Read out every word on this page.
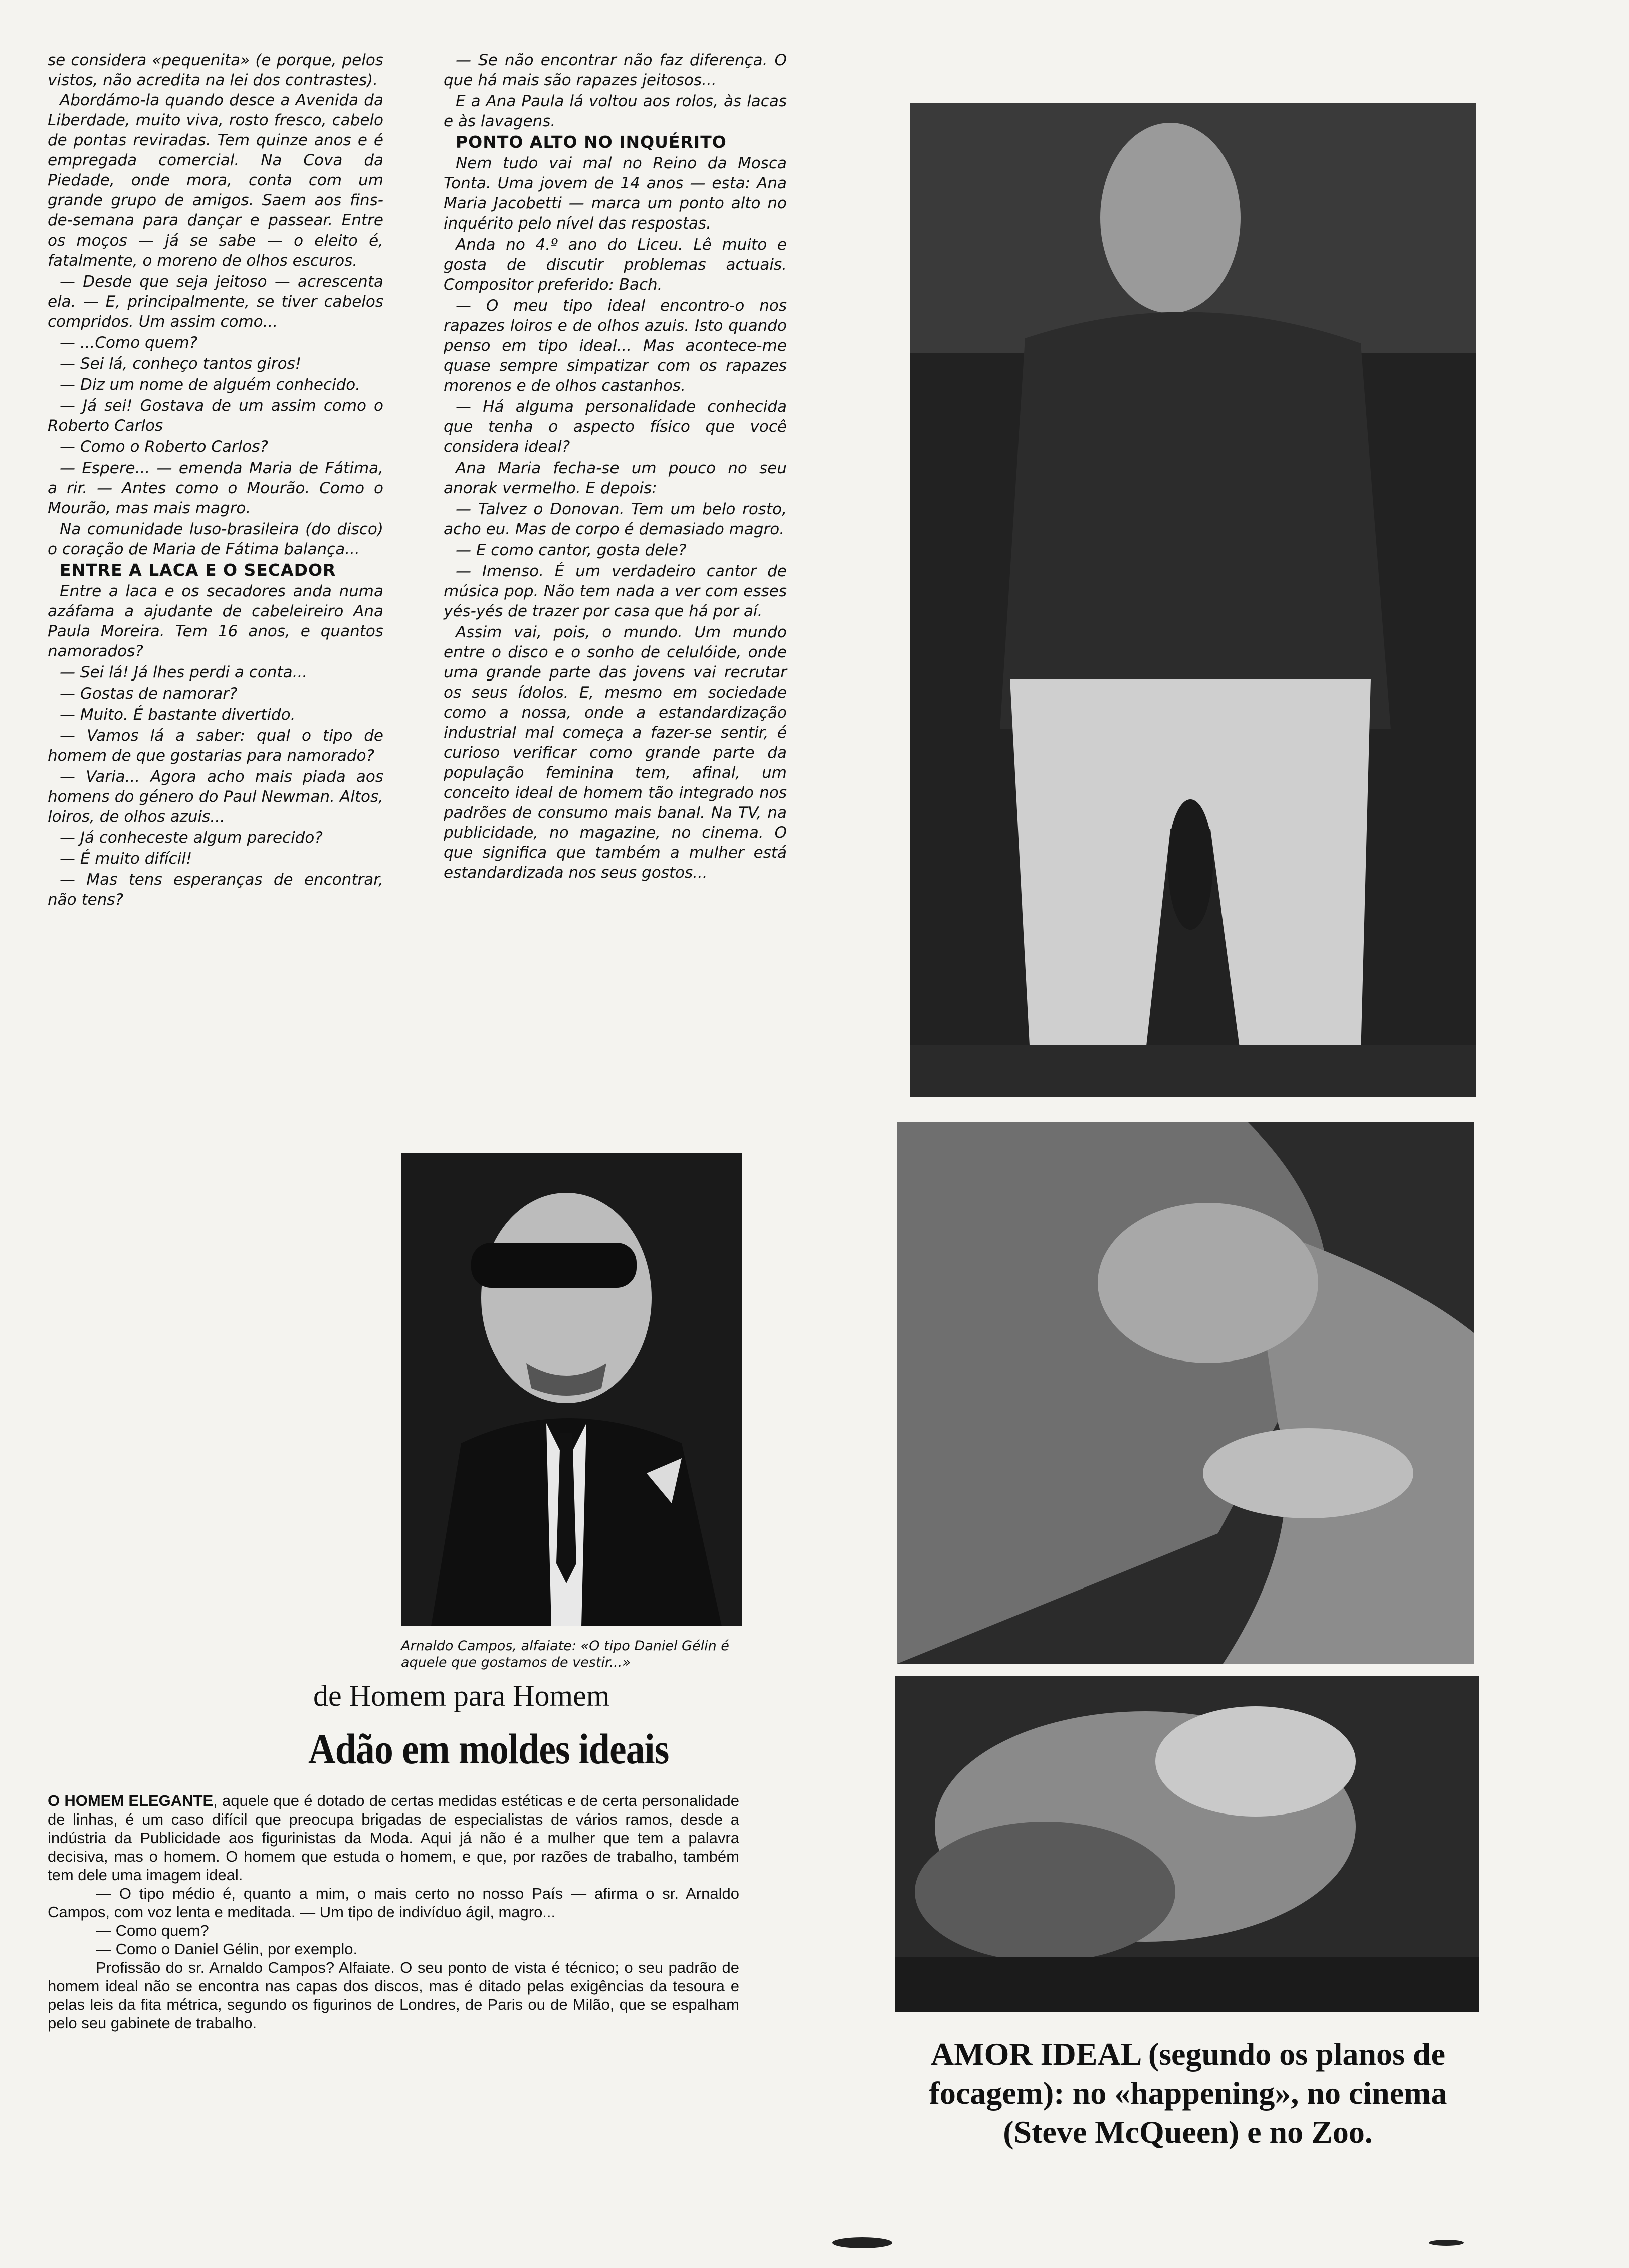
se considera «pequenita» (e porque, pelos vistos, não acredita na lei dos contrastes).

Abordámo-la quando desce a Avenida da Liberdade, muito viva, rosto fresco, cabelo de pontas reviradas. Tem quinze anos e é empregada comercial. Na Cova da Piedade, onde mora, conta com um grande grupo de amigos. Saem aos fins-de-semana para dançar e passear. Entre os moços — já se sabe — o eleito é, fatalmente, o moreno de olhos escuros.

— Desde que seja jeitoso — acrescenta ela. — E, principalmente, se tiver cabelos compridos. Um assim como...

— ...Como quem?

— Sei lá, conheço tantos giros!

— Diz um nome de alguém conhecido.

— Já sei! Gostava de um assim como o Roberto Carlos

— Como o Roberto Carlos?

— Espere... — emenda Maria de Fátima, a rir. — Antes como o Mourão. Como o Mourão, mas mais magro.

Na comunidade luso-brasileira (do disco) o coração de Maria de Fátima balança...

ENTRE A LACA E O SECADOR

Entre a laca e os secadores anda numa azáfama a ajudante de cabeleireiro Ana Paula Moreira. Tem 16 anos, e quantos namorados?

— Sei lá! Já lhes perdi a conta...

— Gostas de namorar?

— Muito. É bastante divertido.

— Vamos lá a saber: qual o tipo de homem de que gostarias para namorado?

— Varia... Agora acho mais piada aos homens do género do Paul Newman. Altos, loiros, de olhos azuis...

— Já conheceste algum parecido?

— É muito difícil!

— Mas tens esperanças de encontrar, não tens?

— Se não encontrar não faz diferença. O que há mais são rapazes jeitosos...

E a Ana Paula lá voltou aos rolos, às lacas e às lavagens.

PONTO ALTO NO INQUÉRITO

Nem tudo vai mal no Reino da Mosca Tonta. Uma jovem de 14 anos — esta: Ana Maria Jacobetti — marca um ponto alto no inquérito pelo nível das respostas.

Anda no 4.º ano do Liceu. Lê muito e gosta de discutir problemas actuais. Compositor preferido: Bach.

— O meu tipo ideal encontro-o nos rapazes loiros e de olhos azuis. Isto quando penso em tipo ideal... Mas acontece-me quase sempre simpatizar com os rapazes morenos e de olhos castanhos.

— Há alguma personalidade conhecida que tenha o aspecto físico que você considera ideal?

Ana Maria fecha-se um pouco no seu anorak vermelho. E depois:

— Talvez o Donovan. Tem um belo rosto, acho eu. Mas de corpo é demasiado magro.

— E como cantor, gosta dele?

— Imenso. É um verdadeiro cantor de música pop. Não tem nada a ver com esses yés-yés de trazer por casa que há por aí.

Assim vai, pois, o mundo. Um mundo entre o disco e o sonho de celulóide, onde uma grande parte das jovens vai recrutar os seus ídolos. E, mesmo em sociedade como a nossa, onde a estandardização industrial mal começa a fazer-se sentir, é curioso verificar como grande parte da população feminina tem, afinal, um conceito ideal de homem tão integrado nos padrões de consumo mais banal. Na TV, na publicidade, no magazine, no cinema. O que significa que também a mulher está estandardizada nos seus gostos...

Arnaldo Campos, alfaiate: «O tipo Daniel Gélin é aquele que gostamos de vestir...»
de Homem para Homem
Adão em moldes ideais

O HOMEM ELEGANTE, aquele que é dotado de certas medidas estéticas e de certa personalidade de linhas, é um caso difícil que preocupa brigadas de especialistas de vários ramos, desde a indústria da Publicidade aos figurinistas da Moda. Aqui já não é a mulher que tem a palavra decisiva, mas o homem. O homem que estuda o homem, e que, por razões de trabalho, também tem dele uma imagem ideal.

— O tipo médio é, quanto a mim, o mais certo no nosso País — afirma o sr. Arnaldo Campos, com voz lenta e meditada. — Um tipo de indivíduo ágil, magro...

— Como quem?

— Como o Daniel Gélin, por exemplo.

Profissão do sr. Arnaldo Campos? Alfaiate. O seu ponto de vista é técnico; o seu padrão de homem ideal não se encontra nas capas dos discos, mas é ditado pelas exigências da tesoura e pelas leis da fita métrica, segundo os figurinos de Londres, de Paris ou de Milão, que se espalham pelo seu gabinete de trabalho.

AMOR IDEAL (segundo os planos de
focagem): no «happening», no cinema
(Steve McQueen) e no Zoo.
